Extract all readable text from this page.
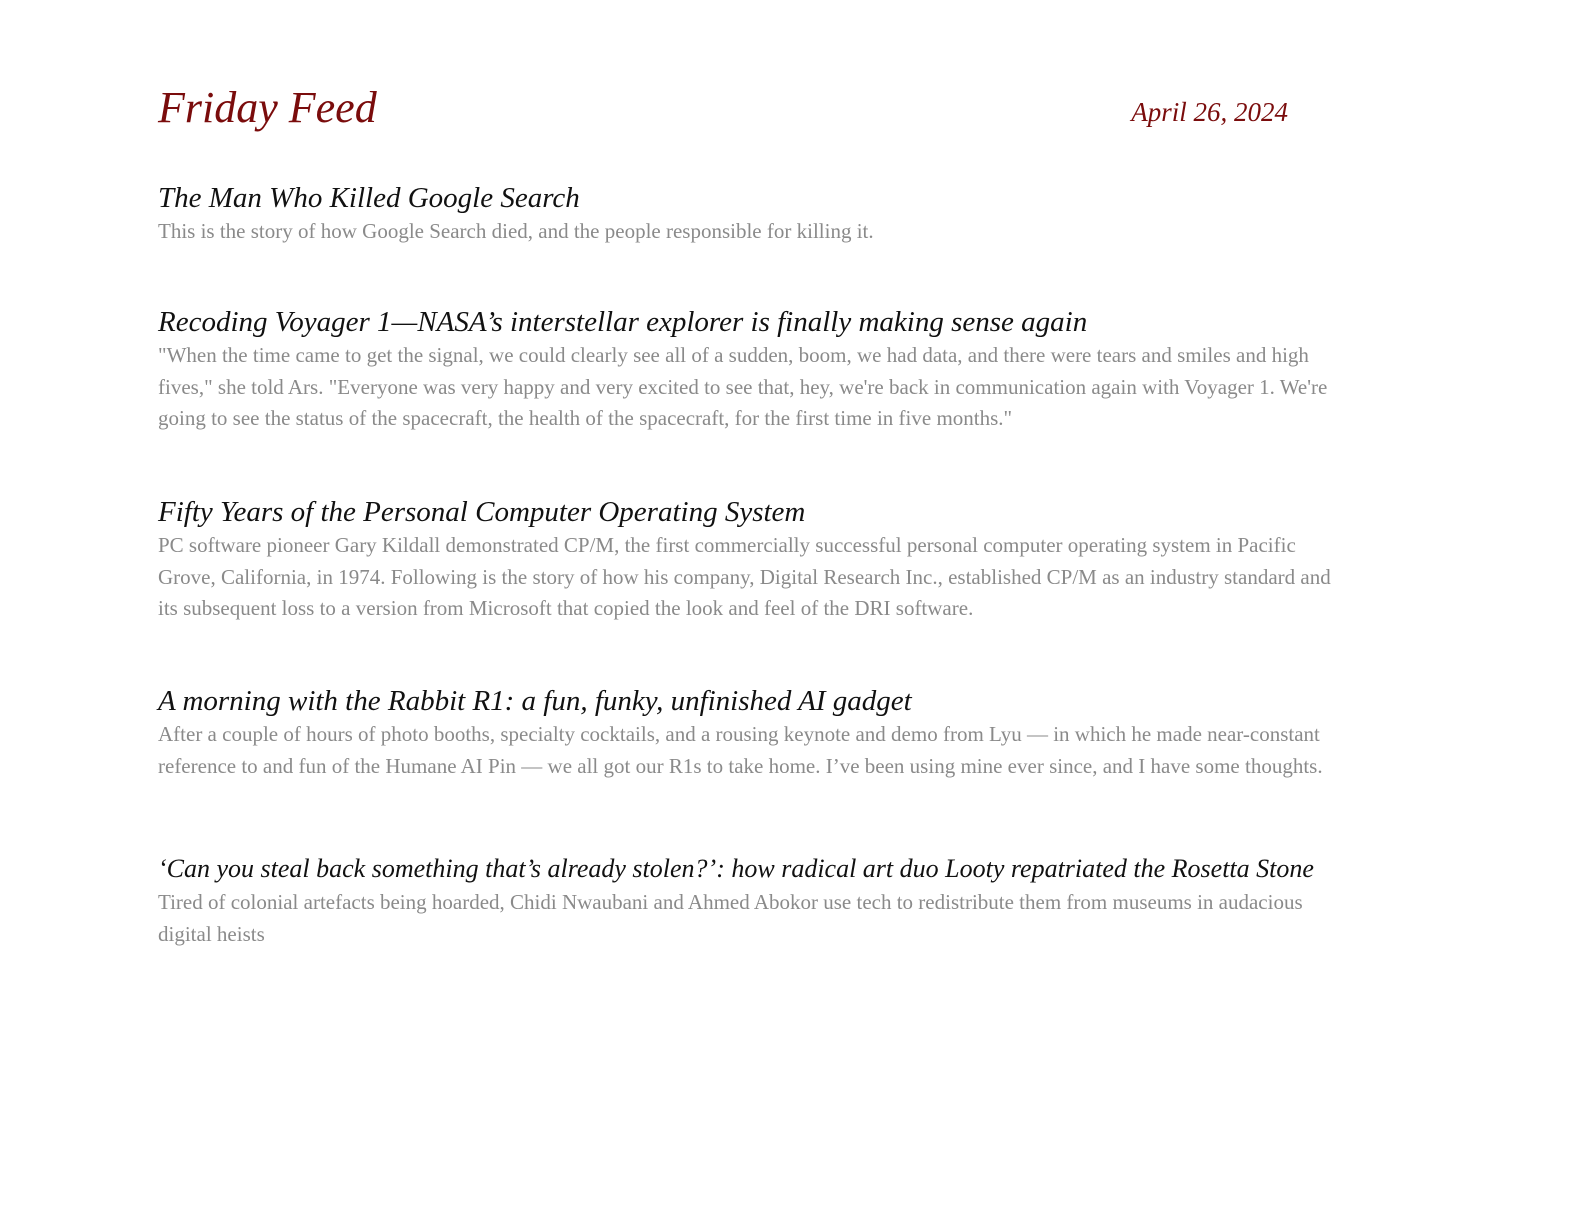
Friday Feed	April 26, 2024
The Man Who Killed Google Search

This is the story of how Google Search died, and the people responsible for killing it.

Recoding Voyager 1—NASA’s interstellar explorer is finally making sense again

"When the time came to get the signal, we could clearly see all of a sudden, boom, we had data, and there were tears and smiles and high fives," she told Ars. "Everyone was very happy and very excited to see that, hey, we're back in communication again with Voyager 1. We're going to see the status of the spacecraft, the health of the spacecraft, for the first time in five months."

Fifty Years of the Personal Computer Operating System

PC software pioneer Gary Kildall demonstrated CP/M, the first commercially successful personal computer operating system in Pacific Grove, California, in 1974. Following is the story of how his company, Digital Research Inc., established CP/M as an industry standard and its subsequent loss to a version from Microsoft that copied the look and feel of the DRI software.

A morning with the Rabbit R1: a fun, funky, unfinished AI gadget

After a couple of hours of photo booths, specialty cocktails, and a rousing keynote and demo from Lyu — in which he made near-constant reference to and fun of the Humane AI Pin — we all got our R1s to take home. I’ve been using mine ever since, and I have some thoughts.

‘Can you steal back something that’s already stolen?’: how radical art duo Looty repatriated the Rosetta Stone

Tired of colonial artefacts being hoarded, Chidi Nwaubani and Ahmed Abokor use tech to redistribute them from museums in audacious digital heists
